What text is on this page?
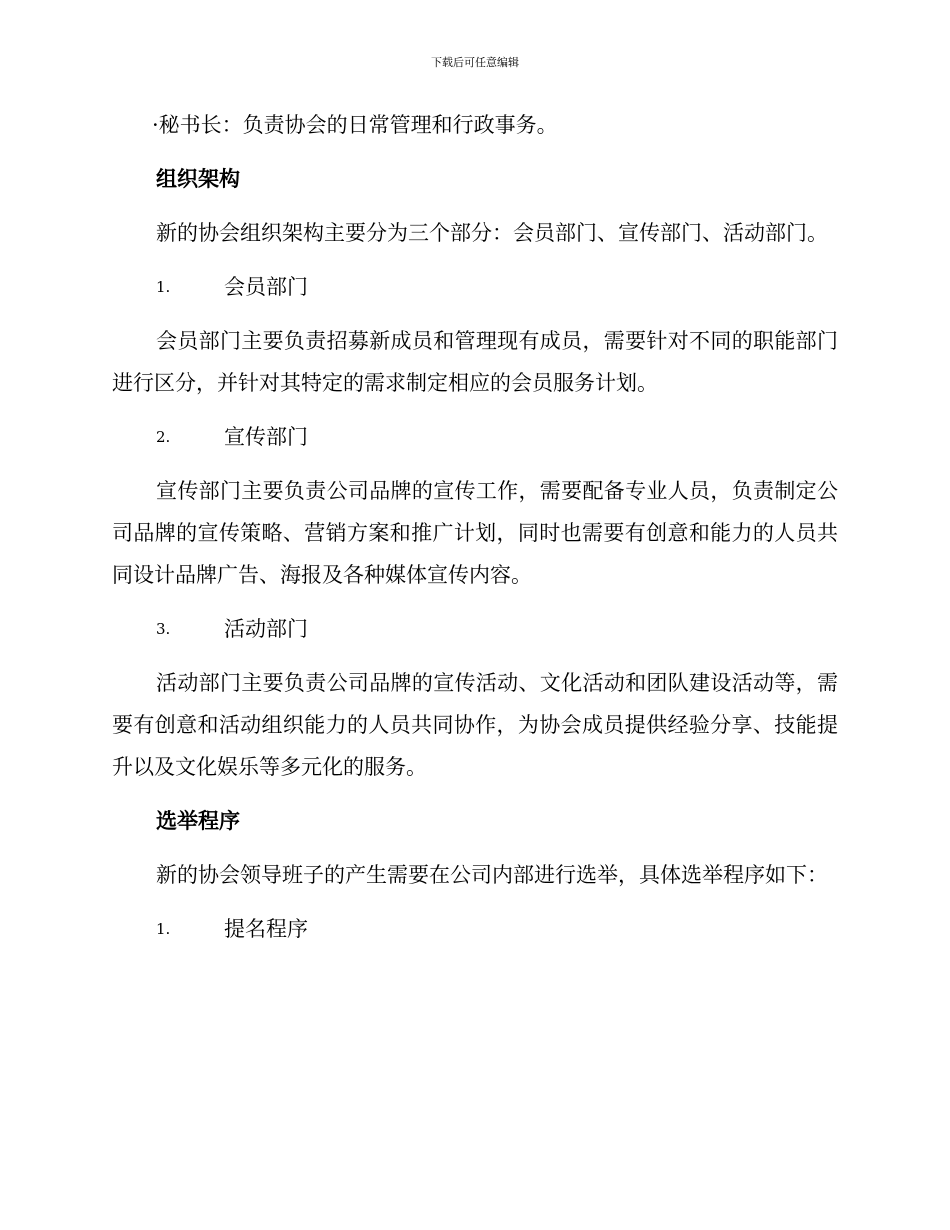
下载后可任意编辑

·秘书长：负责协会的日常管理和行政事务。

组织架构

新的协会组织架构主要分为三个部分：会员部门、宣传部门、活动部门。

1.	会员部门

会员部门主要负责招募新成员和管理现有成员，需要针对不同的职能部门进行区分，并针对其特定的需求制定相应的会员服务计划。

2.	宣传部门

宣传部门主要负责公司品牌的宣传工作，需要配备专业人员，负责制定公司品牌的宣传策略、营销方案和推广计划，同时也需要有创意和能力的人员共同设计品牌广告、海报及各种媒体宣传内容。

3.	活动部门

活动部门主要负责公司品牌的宣传活动、文化活动和团队建设活动等，需要有创意和活动组织能力的人员共同协作，为协会成员提供经验分享、技能提升以及文化娱乐等多元化的服务。

选举程序

新的协会领导班子的产生需要在公司内部进行选举，具体选举程序如下：

1.	提名程序
